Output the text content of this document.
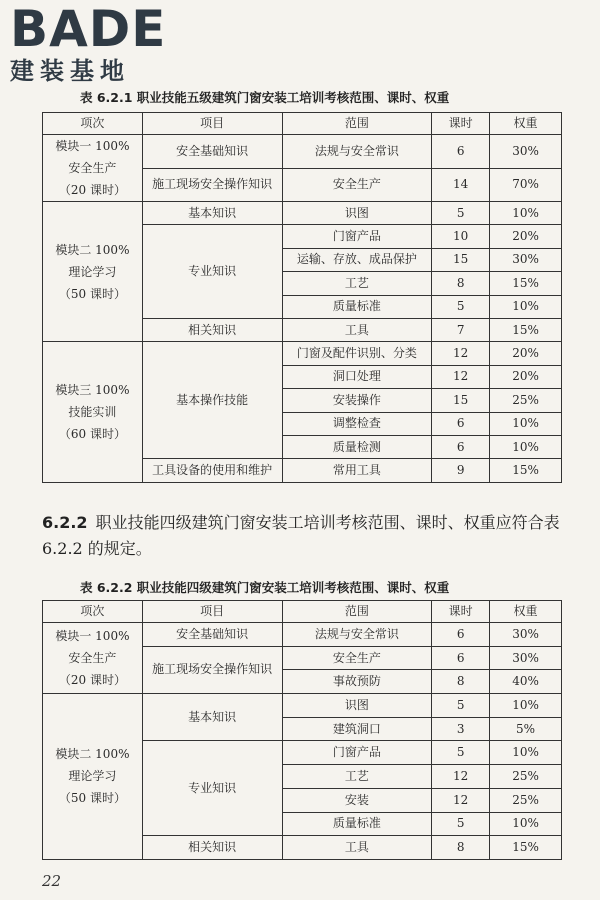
BADE
建装基地
表 6.2.1 职业技能五级建筑门窗安装工培训考核范围、课时、权重
项次	项目	范围	课时	权重

模块一 100%
安全生产
（20 课时）	安全基础知识	法规与安全常识	6	30%
	施工现场安全操作知识	安全生产	14	70%

模块二 100%
理论学习
（50 课时）	基本知识	识图	5	10%
	专业知识	门窗产品	10	20%
		运输、存放、成品保护	15	30%
		工艺	8	15%
		质量标准	5	10%
	相关知识	工具	7	15%

模块三 100%
技能实训
（60 课时）	基本操作技能	门窗及配件识别、分类	12	20%
		洞口处理	12	20%
		安装操作	15	25%
		调整检查	6	10%
		质量检测	6	10%
	工具设备的使用和维护	常用工具	9	15%
6.2.2 职业技能四级建筑门窗安装工培训考核范围、课时、权重应符合表 6.2.2 的规定。
表 6.2.2 职业技能四级建筑门窗安装工培训考核范围、课时、权重
项次	项目	范围	课时	权重

模块一 100%
安全生产
（20 课时）	安全基础知识	法规与安全常识	6	30%
	施工现场安全操作知识	安全生产	6	30%
		事故预防	8	40%

模块二 100%
理论学习
（50 课时）	基本知识	识图	5	10%
		建筑洞口	3	5%
	专业知识	门窗产品	5	10%
		工艺	12	25%
		安装	12	25%
		质量标准	5	10%
	相关知识	工具	8	15%
22
